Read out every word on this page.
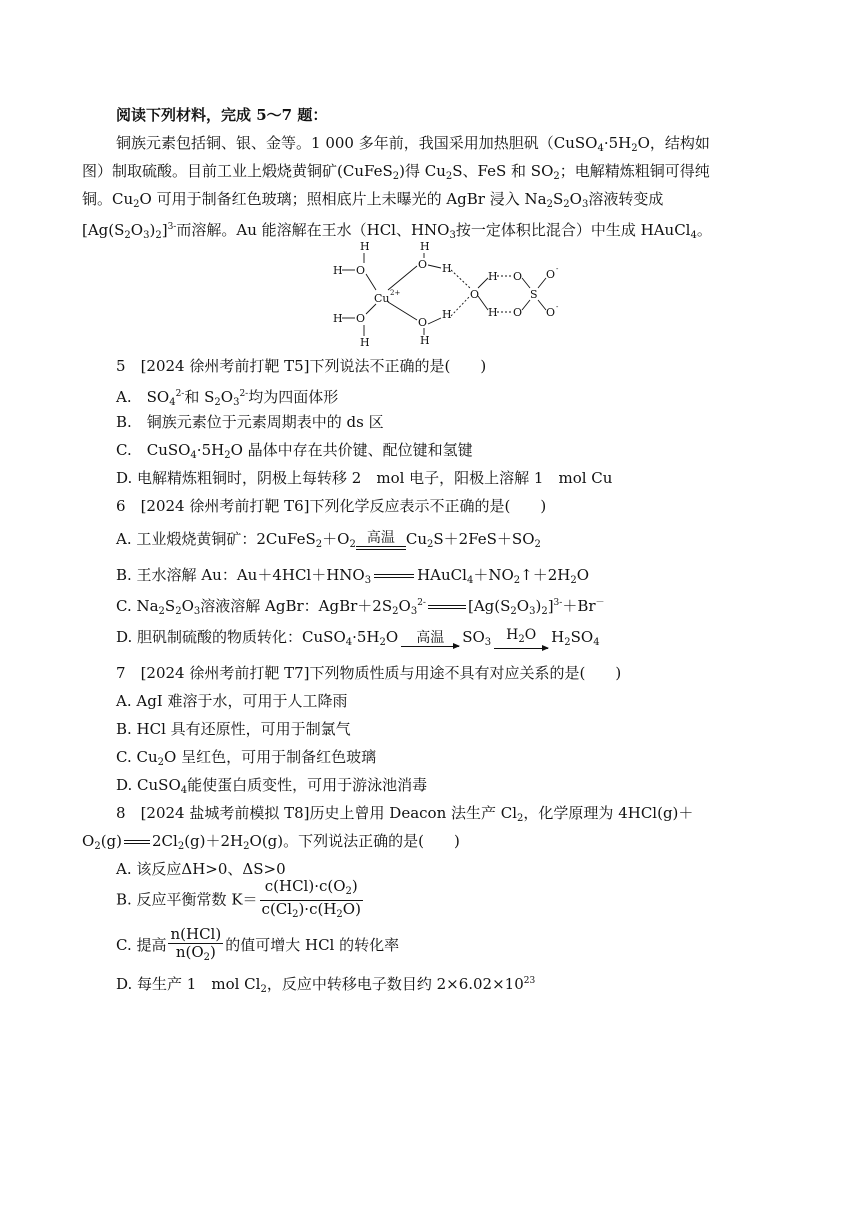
阅读下列材料，完成 5～7 题：
铜族元素包括铜、银、金等。1 000 多年前，我国采用加热胆矾（$CuSO_4\cdot 5H_2O$，结构如
图）制取硫酸。目前工业上煅烧黄铜矿(CuFeS$_2$)得 $Cu_2S$、FeS 和 $SO_2$；电解精炼粗铜可得纯
铜。$Cu_2O$ 可用于制备红色玻璃；照相底片上未曝光的 AgBr 浸入 $Na_2S_2O_3$溶液转变成
$[Ag(S_2O_3)_2]^{3-}$而溶解。Au 能溶解在王水（HCl、$HNO_3$按一定体积比混合）中生成 HAuCl$_4$。
H
H O	O
H
H
Cu 2+	O
H
H
O
S
O
O -
O -
H O
H
O
H
H
5　 [2024 徐州考前打靶 T5]下列说法不正确的是(　　)
A.　$SO_4^{2-}$和 $S_2O_3^{2-}$均为四面体形
B.　铜族元素位于元素周期表中的 ds 区
C.　$CuSO_4\cdot 5H_2O$ 晶体中存在共价键、配位键和氢键
D. 电解精炼粗铜时，阴极上每转移 2　mol 电子，阳极上溶解 1　mol Cu
6　 [2024 徐州考前打靶 T6]下列化学反应表示不正确的是(　　)
A. 工业煅烧黄铜矿：$2CuFeS_2+O_2$ 高温 $Cu_2S+2FeS+SO_2$
B. 王水溶解 Au：$Au+4HCl+HNO_3$	$HAuCl_4+NO_2↑+2H_2O$
C. $Na_2S_2O_3$溶液溶解 AgBr：$AgBr+2S_2O_3^{2-}$	$[Ag(S_2O_3)_2]^{3-}+Br^-$
D. 胆矾制硫酸的物质转化：$CuSO_4\cdot 5H_2O$	高温	$SO_3$	$H_2O$ $H_2SO_4$
7　 [2024 徐州考前打靶 T7]下列物质性质与用途不具有对应关系的是(　　)
A. AgI 难溶于水，可用于人工降雨
B. HCl 具有还原性，可用于制氯气
C. $Cu_2O$ 呈红色，可用于制备红色玻璃
D. CuSO$_4$能使蛋白质变性，可用于游泳池消毒
8　 [2024 盐城考前模拟 T8]历史上曾用 Deacon 法生产 $Cl_2$，化学原理为 4HCl(g)＋
$O_2(g)$ $2Cl_2(g)+2H_2O(g)$。下列说法正确的是(　　)
A. 该反应ΔH>0、ΔS>0
B. 反应平衡常数 $K= \frac{c(HCl)\cdot c(O_2)}{c(Cl_2)\cdot c(H_2O)}$
C. 提高 $\frac{\text{n(HCl)}}{n(O_2)}$ 的值可增大 HCl 的转化率
D. 每生产 1　mol $Cl_2$，反应中转移电子数目约 $2\times 6.02\times 10^{23}$
